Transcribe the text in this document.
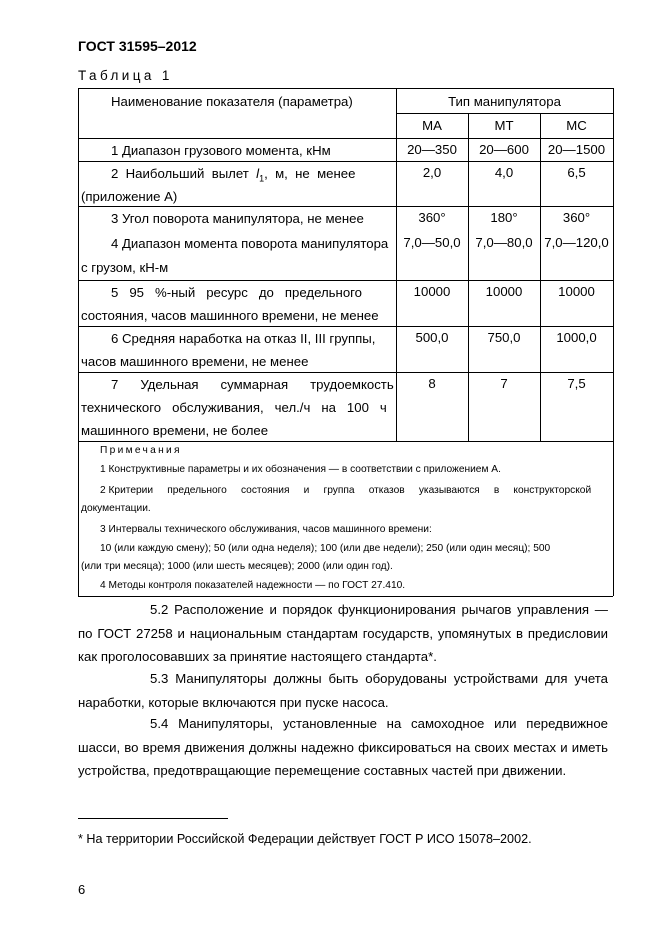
ГОСТ 31595–2012
Таблица 1
Наименование показателя (параметра)	Тип манипулятора
МА	МТ	МС
1 Диапазон грузового момента, кНм	20—350	20—600	20—1500
2  Наибольший  вылет  $l_1$,  м,  не  менее
(приложение А)
2,0	4,0	6,5
3 Угол поворота манипулятора, не менее	360°	180°	360°
4 Диапазон момента поворота манипулятора
с грузом, кН-м
7,0—50,0	7,0—80,0 7,0—120,0
5   95   %-ный   ресурс   до   предельного
состояния, часов машинного времени, не менее
10000	10000	10000
6 Средняя наработка на отказ II, III группы,
часов машинного времени, не менее
500,0	750,0	1000,0
7      Удельная      суммарная      трудоемкость
технического   обслуживания,   чел./ч   на   100   ч
машинного времени, не более
8	7	7,5
Примечания
1 Конструктивные параметры и их обозначения — в соответствии с приложением А.
2 Критерии     предельного     состояния     и     группа     отказов     указываются     в     конструкторской
документации.
3 Интервалы технического обслуживания, часов машинного времени:
10 (или каждую смену); 50 (или одна неделя); 100 (или две недели); 250 (или один месяц); 500
(или три месяца); 1000 (или шесть месяцев); 2000 (или один год).
4 Методы контроля показателей надежности — по ГОСТ 27.410.
5.2 Расположение и порядок функционирования рычагов управления — по ГОСТ 27258 и национальным стандартам государств, упомянутых в предисловии как проголосовавших за принятие настоящего стандарта*.
5.3 Манипуляторы должны быть оборудованы устройствами для учета наработки, которые включаются при пуске насоса.
5.4 Манипуляторы, установленные на самоходное или передвижное шасси, во время движения должны надежно фиксироваться на своих местах и иметь устройства, предотвращающие перемещение составных частей при движении.
* На территории Российской Федерации действует ГОСТ Р ИСО 15078–2002.
6
